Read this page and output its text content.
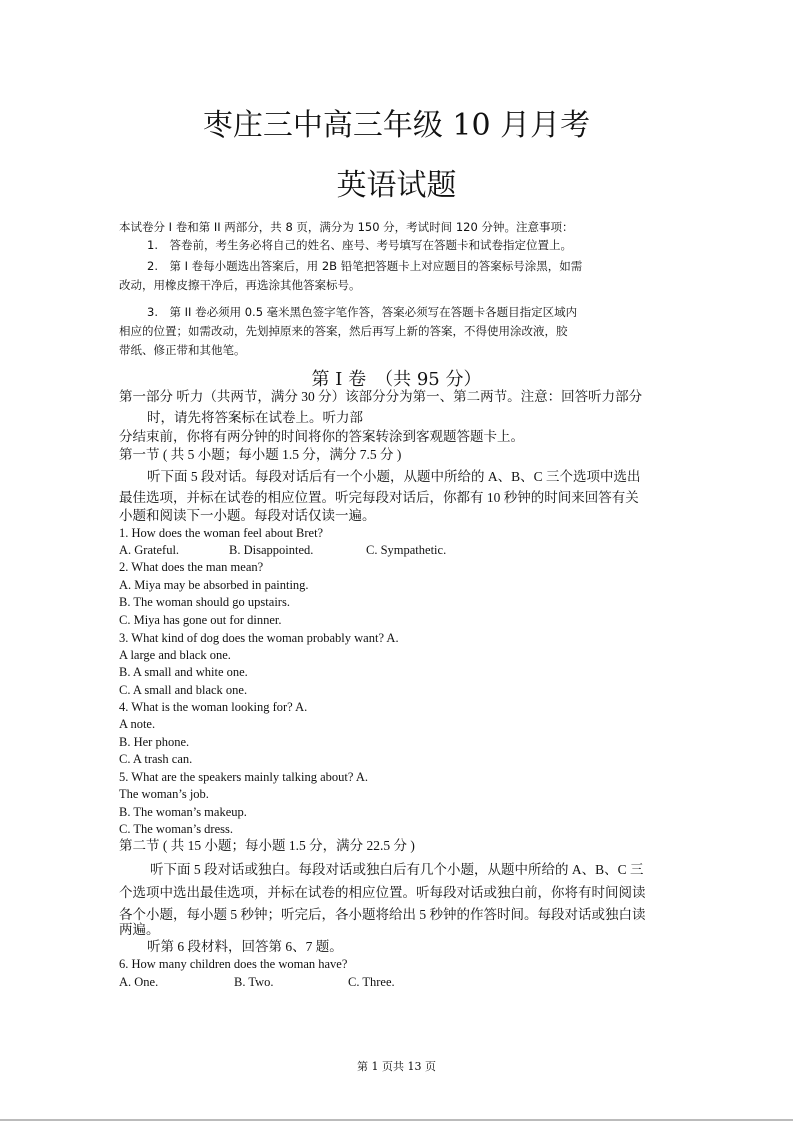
枣庄三中高三年级 10 月月考
英语试题
本试卷分 I 卷和第 II 两部分，共 8 页，满分为 150 分，考试时间 120 分钟。注意事项：
1.　答卷前，考生务必将自己的姓名、座号、考号填写在答题卡和试卷指定位置上。
2.　第 I 卷每小题选出答案后，用 2B 铅笔把答题卡上对应题目的答案标号涂黑，如需
改动，用橡皮擦干净后，再选涂其他答案标号。
3.　第 II 卷必须用 0.5 毫米黑色签字笔作答，答案必须写在答题卡各题目指定区域内
相应的位置；如需改动，先划掉原来的答案，然后再写上新的答案，不得使用涂改液，胶
带纸、修正带和其他笔。
第 I 卷　（共 95 分）
第一部分 听力（共两节，满分 30 分）该部分分为第一、第二两节。注意：回答听力部分
时，请先将答案标在试卷上。听力部
分结束前，你将有两分钟的时间将你的答案转涂到客观题答题卡上。
第一节 ( 共 5 小题；每小题 1.5 分，满分 7.5 分 )
听下面 5 段对话。每段对话后有一个小题，从题中所给的 A、B、C 三个选项中选出
最佳选项，并标在试卷的相应位置。听完每段对话后，你都有 10 秒钟的时间来回答有关
小题和阅读下一小题。每段对话仅读一遍。
1. How does the woman feel about Bret?
A. Grateful.	B. Disappointed.	C. Sympathetic.
2. What does the man mean?
A. Miya may be absorbed in painting.
B. The woman should go upstairs.
C. Miya has gone out for dinner.
3. What kind of dog does the woman probably want? A.
A large and black one.
B. A small and white one.
C. A small and black one.
4. What is the woman looking for? A.
A note.
B. Her phone.
C. A trash can.
5. What are the speakers mainly talking about? A.
The woman’s job.
B. The woman’s makeup.
C. The woman’s dress.
第二节 ( 共 15 小题；每小题 1.5 分，满分 22.5 分 )
听下面 5 段对话或独白。每段对话或独白后有几个小题，从题中所给的 A、B、C 三
个选项中选出最佳选项，并标在试卷的相应位置。听每段对话或独白前，你将有时间阅读
各个小题，每小题 5 秒钟；听完后，各小题将给出 5 秒钟的作答时间。每段对话或独白读
两遍。
听第 6 段材料，回答第 6、7 题。
6. How many children does the woman have?
A. One.	B. Two.	C. Three.
第 1 页共 13 页
